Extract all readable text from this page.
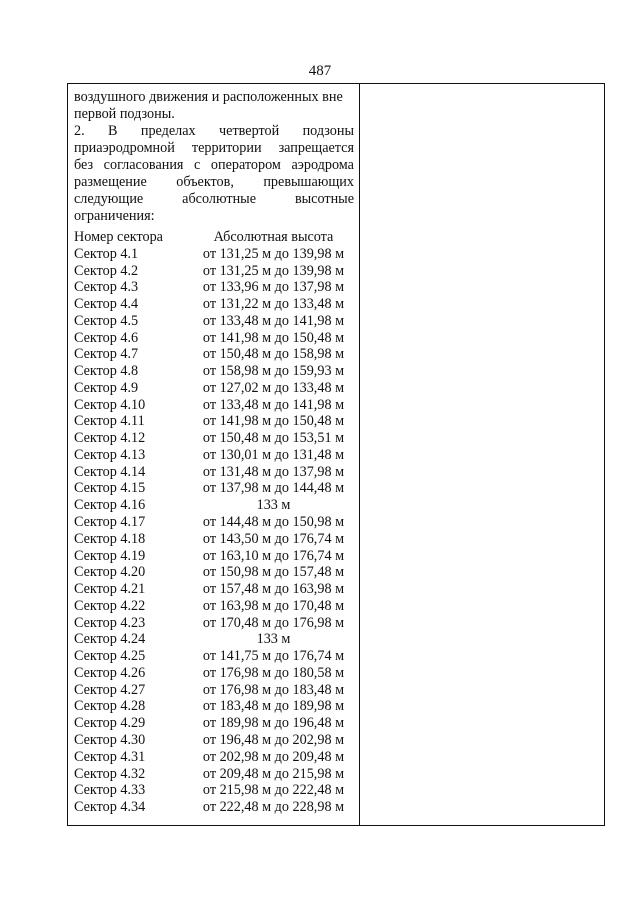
487
воздушного движения и расположенных вне
первой подзоны.
2. В пределах четвертой подзоны
приаэродромной территории запрещается
без согласования с оператором аэродрома
размещение объектов, превышающих
следующие	абсолютные	высотные
ограничения:
Номер сектора	Абсолютная высота
Сектор 4.1	от 131,25 м до 139,98 м
Сектор 4.2	от 131,25 м до 139,98 м
Сектор 4.3	от 133,96 м до 137,98 м
Сектор 4.4	от 131,22 м до 133,48 м
Сектор 4.5	от 133,48 м до 141,98 м
Сектор 4.6	от 141,98 м до 150,48 м
Сектор 4.7	от 150,48 м до 158,98 м
Сектор 4.8	от 158,98 м до 159,93 м
Сектор 4.9	от 127,02 м до 133,48 м
Сектор 4.10	от 133,48 м до 141,98 м
Сектор 4.11	от 141,98 м до 150,48 м
Сектор 4.12	от 150,48 м до 153,51 м
Сектор 4.13	от 130,01 м до 131,48 м
Сектор 4.14	от 131,48 м до 137,98 м
Сектор 4.15	от 137,98 м до 144,48 м
Сектор 4.16	133 м
Сектор 4.17	от 144,48 м до 150,98 м
Сектор 4.18	от 143,50 м до 176,74 м
Сектор 4.19	от 163,10 м до 176,74 м
Сектор 4.20	от 150,98 м до 157,48 м
Сектор 4.21	от 157,48 м до 163,98 м
Сектор 4.22	от 163,98 м до 170,48 м
Сектор 4.23	от 170,48 м до 176,98 м
Сектор 4.24	133 м
Сектор 4.25	от 141,75 м до 176,74 м
Сектор 4.26	от 176,98 м до 180,58 м
Сектор 4.27	от 176,98 м до 183,48 м
Сектор 4.28	от 183,48 м до 189,98 м
Сектор 4.29	от 189,98 м до 196,48 м
Сектор 4.30	от 196,48 м до 202,98 м
Сектор 4.31	от 202,98 м до 209,48 м
Сектор 4.32	от 209,48 м до 215,98 м
Сектор 4.33	от 215,98 м до 222,48 м
Сектор 4.34	от 222,48 м до 228,98 м
